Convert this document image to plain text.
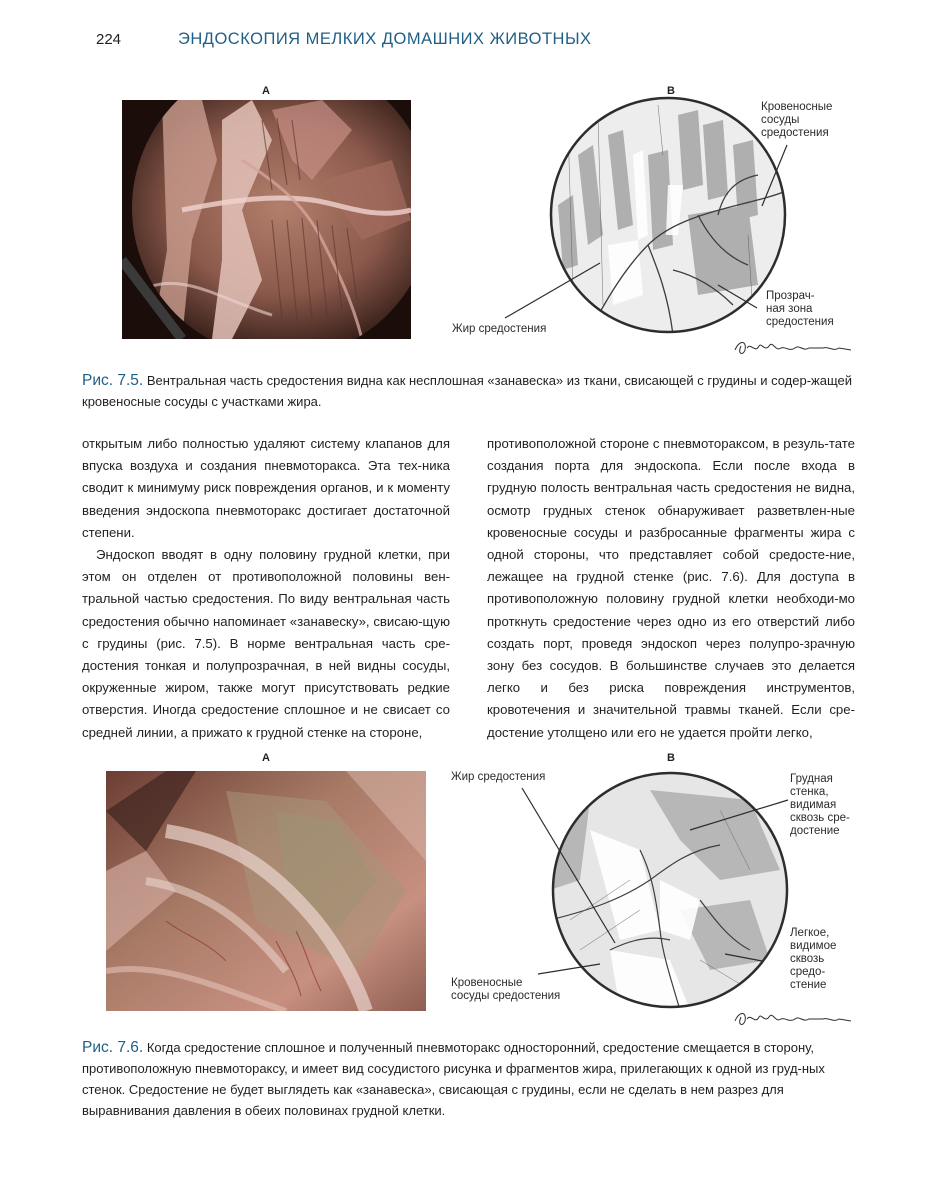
224	ЭНДОСКОПИЯ МЕЛКИХ ДОМАШНИХ ЖИВОТНЫХ
A	B
Кровеносные
сосуды
средостения
Жир средостения
Прозрач-
ная зона
средостения
Рис. 7.5. Вентральная часть средостения видна как несплошная «занавеска» из ткани, свисающей с грудины и содер-жащей кровеносные сосуды с участками жира.

открытым либо полностью удаляют систему клапанов для впуска воздуха и создания пневмоторакса. Эта тех-ника сводит к минимуму риск повреждения органов, и к моменту введения эндоскопа пневмоторакс достигает достаточной степени.

Эндоскоп вводят в одну половину грудной клетки, при этом он отделен от противоположной половины вен-тральной частью средостения. По виду вентральная часть средостения обычно напоминает «занавеску», свисаю-щую с грудины (рис. 7.5). В норме вентральная часть сре-достения тонкая и полупрозрачная, в ней видны сосуды, окруженные жиром, также могут присутствовать редкие отверстия. Иногда средостение сплошное и не свисает со средней линии, а прижато к грудной стенке на стороне,

противоположной стороне с пневмотораксом, в резуль-тате создания порта для эндоскопа. Если после входа в грудную полость вентральная часть средостения не видна, осмотр грудных стенок обнаруживает разветвлен-ные кровеносные сосуды и разбросанные фрагменты жира с одной стороны, что представляет собой средосте-ние, лежащее на грудной стенке (рис. 7.6). Для доступа в противоположную половину грудной клетки необходи-мо проткнуть средостение через одно из его отверстий либо создать порт, проведя эндоскоп через полупро-зрачную зону без сосудов. В большинстве случаев это делается легко и без риска повреждения инструментов, кровотечения и значительной травмы тканей. Если сре-достение утолщено или его не удается пройти легко,

A	B
Жир средостения	Грудная
стенка,
видимая
сквозь сре-
достение
Легкое,
видимое
сквозь
средо-
стение
Кровеносные
сосуды средостения
Рис. 7.6. Когда средостение сплошное и полученный пневмоторакс односторонний, средостение смещается в сторону, противоположную пневмотораксу, и имеет вид сосудистого рисунка и фрагментов жира, прилегающих к одной из груд-ных стенок. Средостение не будет выглядеть как «занавеска», свисающая с грудины, если не сделать в нем разрез для выравнивания давления в обеих половинах грудной клетки.
